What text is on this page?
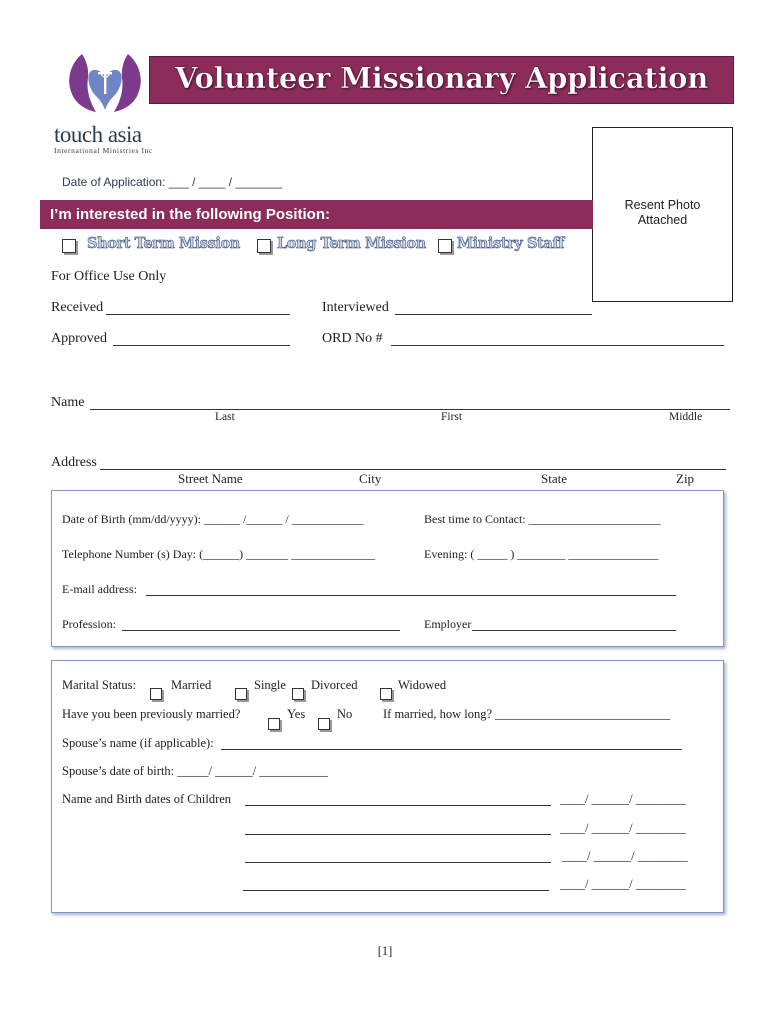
touch asia
International Ministries Inc
Volunteer Missionary Application
Resent Photo
Attached
Date of Application: ___ / ____ / _______
I’m interested in the following Position:
Short Term Mission	Long Term Mission Ministry Staff
For Office Use Only
Received	Interviewed
Approved	ORD No #
Name
Last	First	Middle
Address
Street Name	City	State	Zip
Date of Birth (mm/dd/yyyy): ______ /______ / ____________	Best time to Contact: ______________________
Telephone Number (s) Day: (______) _______ ______________	Evening: ( _____ ) ________ _______________
E-mail address:
Profession:	Employer
Marital Status:	Married	Single Divorced	Widowed
Have you been previously married?	Yes	No If married, how long? ____________________________
Spouse’s name (if applicable):
Spouse’s date of birth: _____/ ______/ ___________
Name and Birth dates of Children	____/ ______/ ________
____/ ______/ ________
____/ ______/ ________
____/ ______/ ________
[1]
